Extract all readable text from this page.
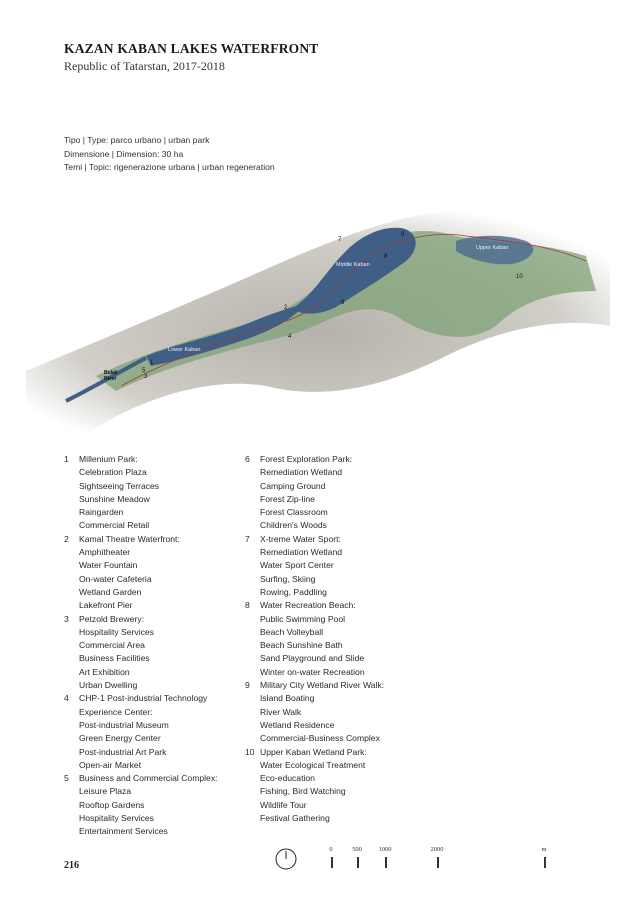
KAZAN KABAN LAKES WATERFRONT
Republic of Tatarstan, 2017-2018
Tipo | Type: parco urbano | urban park
Dimensione | Dimension: 30 ha
Temi | Topic: rigenerazione urbana | urban regeneration
Lower Kaban
Middle Kaban
Upper Kaban
Bulak River
1
2
3
4
5
6
7
8
9
10
1	Millenium Park:
Celebration Plaza
Sightseeing Terraces
Sunshine Meadow
Raingarden
Commercial Retail
2	Kamal Theatre Waterfront:
Amphitheater
Water Fountain
On-water Cafeteria
Wetland Garden
Lakefront Pier
3	Petzold Brewery:
Hospitality Services
Commercial Area
Business Facilities
Art Exhibition
Urban Dwelling
4	CHP-1 Post-industrial Technology
Experience Center:
Post-industrial Museum
Green Energy Center
Post-industrial Art Park
Open-air Market
5	Business and Commercial Complex:
Leisure Plaza
Rooftop Gardens
Hospitality Services
Entertainment Services
6	Forest Exploration Park:
Remediation Wetland
Camping Ground
Forest Zip-line
Forest Classroom
Children's Woods
7	X-treme Water Sport:
Remediation Wetland
Water Sport Center
Surfing, Skiing
Rowing, Paddling
8	Water Recreation Beach:
Public Swimming Pool
Beach Volleyball
Beach Sunshine Bath
Sand Playground and Slide
Winter on-water Recreation
9	Military City Wetland River Walk:
Island Boating
River Walk
Wetland Residence
Commercial-Business Complex
10 Upper Kaban Wetland Park:
Water Ecological Treatment
Eco-education
Fishing, Bird Watching
Wildlife Tour
Festival Gathering
216
0	500	1000	2000	m
